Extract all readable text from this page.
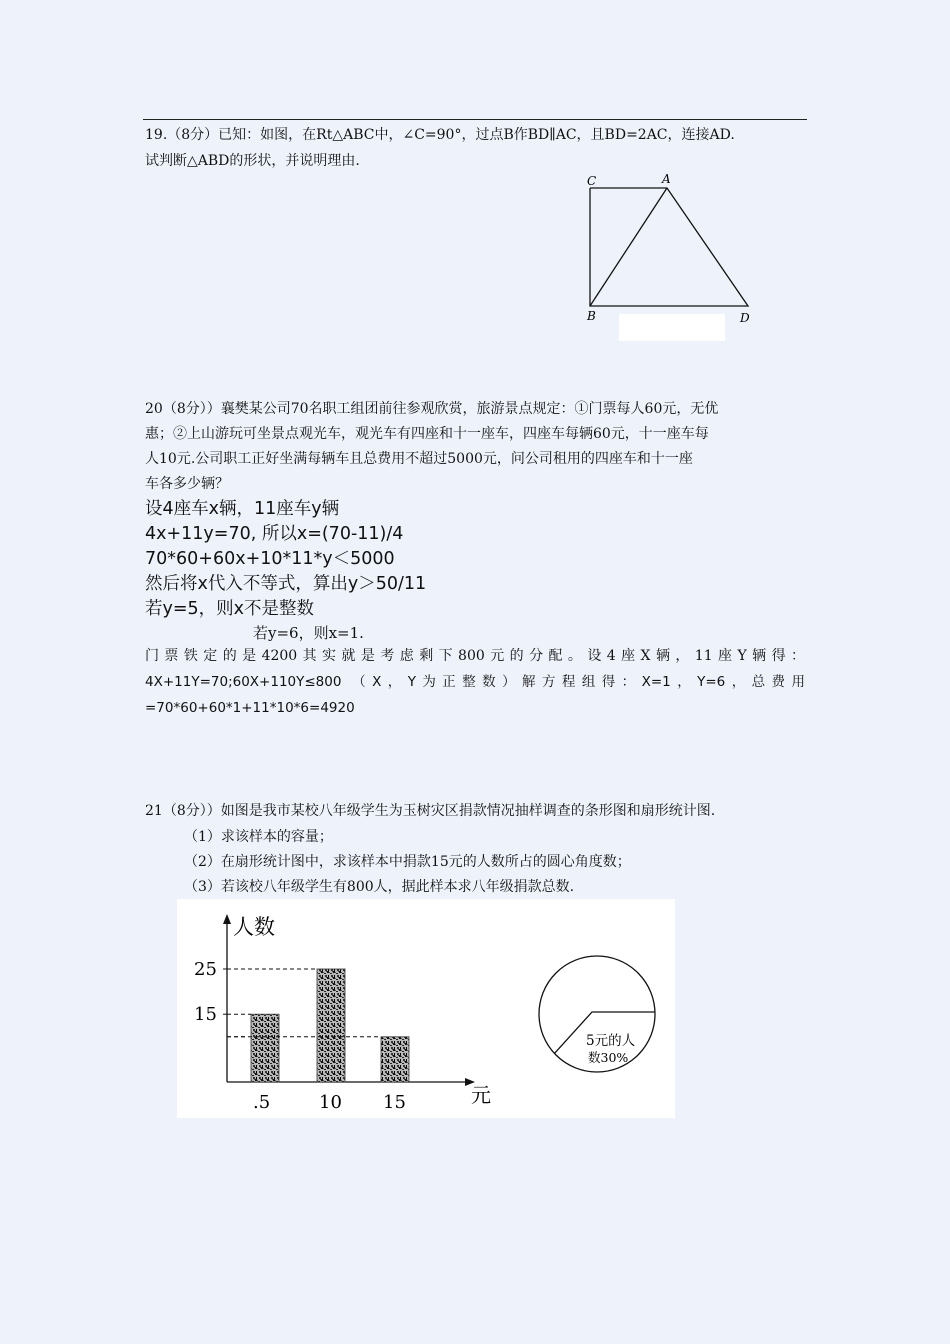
19.（8分）已知：如图，在Rt△ABC中，∠C=90°，过点B作BD∥AC，且BD=2AC，连接AD.
试判断△ABD的形状，并说明理由.
C	A
B	D
20（8分））襄樊某公司70名职工组团前往参观欣赏，旅游景点规定：①门票每人60元，无优
惠；②上山游玩可坐景点观光车，观光车有四座和十一座车，四座车每辆60元，十一座车每
人10元.公司职工正好坐满每辆车且总费用不超过5000元，问公司租用的四座车和十一座
车各多少辆？
设4座车x辆，11座车y辆
4x+11y=70, 所以x=(70-11)/4
70*60+60x+10*11*y＜5000
然后将x代入不等式，算出y＞50/11
若y=5，则x不是整数
若y=6，则x=1.
门票铁定的是4200其实就是考虑剩下800元的分配。设4座X辆，11座Y辆得：
4X+11Y=70;60X+110Y≤800 （X，Y为正整数）解方程组得：X=1，Y=6，总费用
=70*60+60*1+11*10*6=4920
21（8分））如图是我市某校八年级学生为玉树灾区捐款情况抽样调查的条形图和扇形统计图.
（1）求该样本的容量；
（2）在扇形统计图中，求该样本中捐款15元的人数所占的圆心角度数；
（3）若该校八年级学生有800人，据此样本求八年级捐款总数.
人数
元
25
15
.5	10 15
5元的人
数30%
